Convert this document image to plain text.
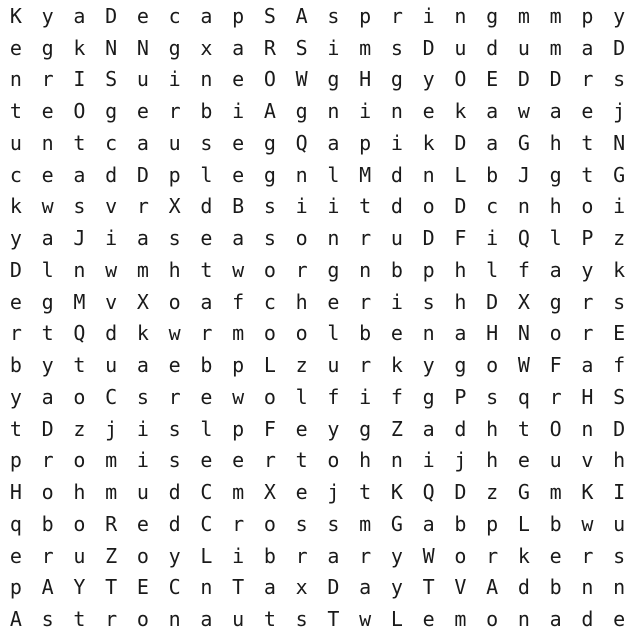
K y a D e c a p S A s p r i n g m m p y
e g k N N g x a R S i m s D u d u m a D
n r I S u i n e O W g H g y O E D D r s
t e O g e r b i A g n i n e k a w a e j
u n t c a u s e g Q a p i k D a G h t N
c e a d D p l e g n l M d n L b J g t G
k w s v r X d B s i i t d o D c n h o i
y a J i a s e a s o n r u D F i Q l P z
D l n w m h t w o r g n b p h l f a y k
e g M v X o a f c h e r i s h D X g r s
r t Q d k w r m o o l b e n a H N o r E
b y t u a e b p L z u r k y g o W F a f
y a o C s r e w o l f i f g P s q r H S
t D z j i s l p F e y g Z a d h t O n D
p r o m i s e e r t o h n i j h e u v h
H o h m u d C m X e j t K Q D z G m K I
q b o R e d C r o s s m G a b p L b w u
e r u Z o y L i b r a r y W o r k e r s
p A Y T E C n T a x D a y T V A d b n n
A s t r o n a u t s T w L e m o n a d e
